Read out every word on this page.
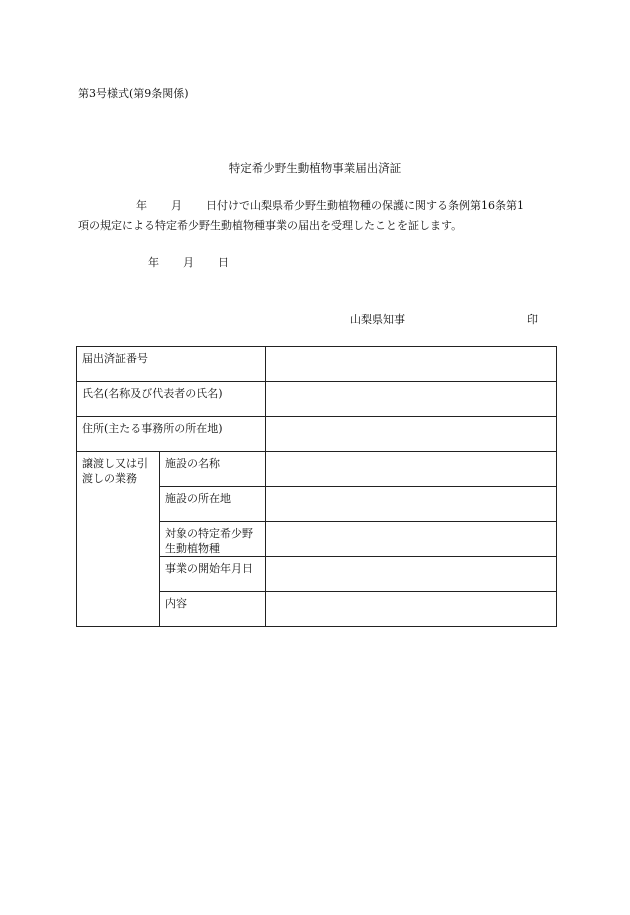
第3号様式(第9条関係)
特定希少野生動植物事業届出済証
年 月 日付けで山梨県希少野生動植物種の保護に関する条例第16条第1
項の規定による特定希少野生動植物種事業の届出を受理したことを証します。
年 月 日
山梨県知事	印
届出済証番号		
氏名(名称及び代表者の氏名)		
住所(主たる事務所の所在地)		
譲渡し又は引渡しの業務	施設の名称	
	施設の所在地	
	対象の特定希少野生動植物種	
	事業の開始年月日	
	内容	
